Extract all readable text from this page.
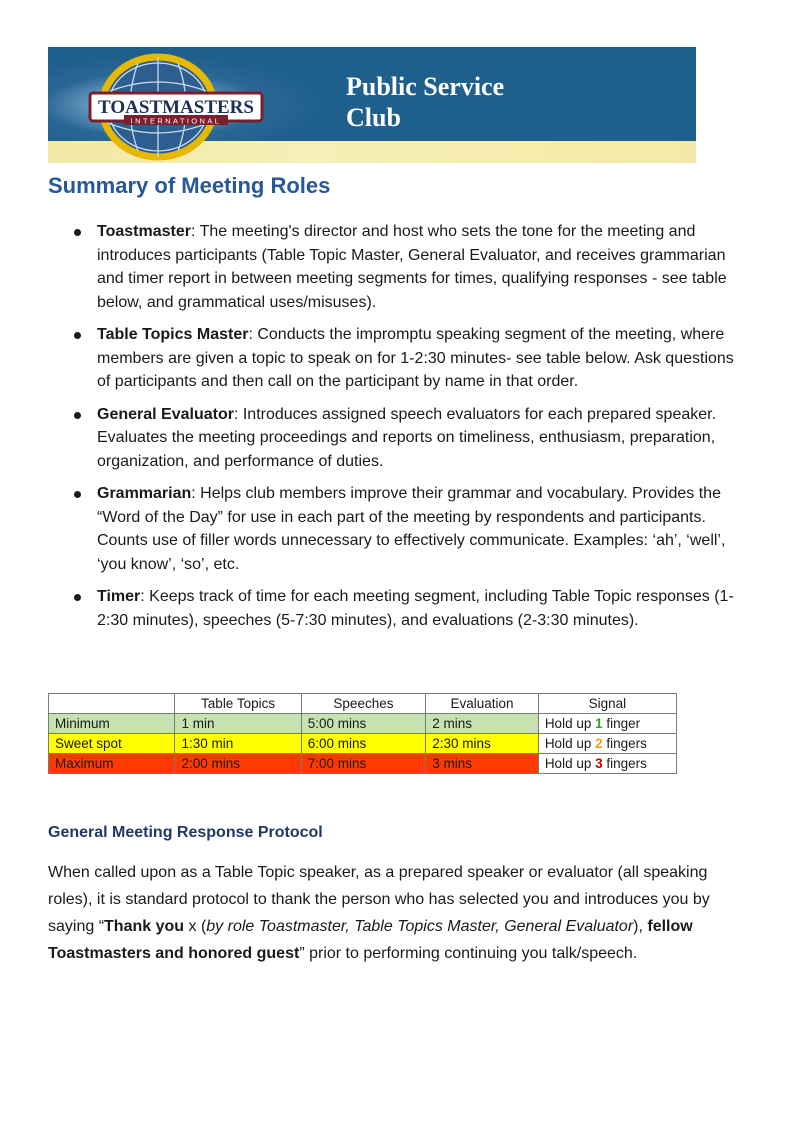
TOASTMASTERS
INTERNATIONAL
Public Service
Club
Summary of Meeting Roles
Toastmaster: The meeting's director and host who sets the tone for the meeting and introduces participants (Table Topic Master, General Evaluator, and receives grammarian and timer report in between meeting segments for times, qualifying responses - see table below, and grammatical uses/misuses).
Table Topics Master: Conducts the impromptu speaking segment of the meeting, where members are given a topic to speak on for 1-2:30 minutes- see table below. Ask questions of participants and then call on the participant by name in that order.
General Evaluator: Introduces assigned speech evaluators for each prepared speaker. Evaluates the meeting proceedings and reports on timeliness, enthusiasm, preparation, organization, and performance of duties.
Grammarian: Helps club members improve their grammar and vocabulary. Provides the “Word of the Day” for use in each part of the meeting by respondents and participants. Counts use of filler words unnecessary to effectively communicate. Examples: ‘ah’, ‘well’, ‘you know’, ‘so’, etc.
Timer: Keeps track of time for each meeting segment, including Table Topic responses (1-2:30 minutes), speeches (5-7:30 minutes), and evaluations (2-3:30 minutes).
	Table Topics	Speeches	Evaluation	Signal
Minimum	1 min	5:00 mins	2 mins	Hold up 1 finger
Sweet spot	1:30 min	6:00 mins	2:30 mins	Hold up 2 fingers
Maximum	2:00 mins	7:00 mins	3 mins	Hold up 3 fingers
General Meeting Response Protocol

When called upon as a Table Topic speaker, as a prepared speaker or evaluator (all speaking roles), it is standard protocol to thank the person who has selected you and introduces you by saying “Thank you x (by role Toastmaster, Table Topics Master, General Evaluator), fellow Toastmasters and honored guest” prior to performing continuing you talk/speech.
